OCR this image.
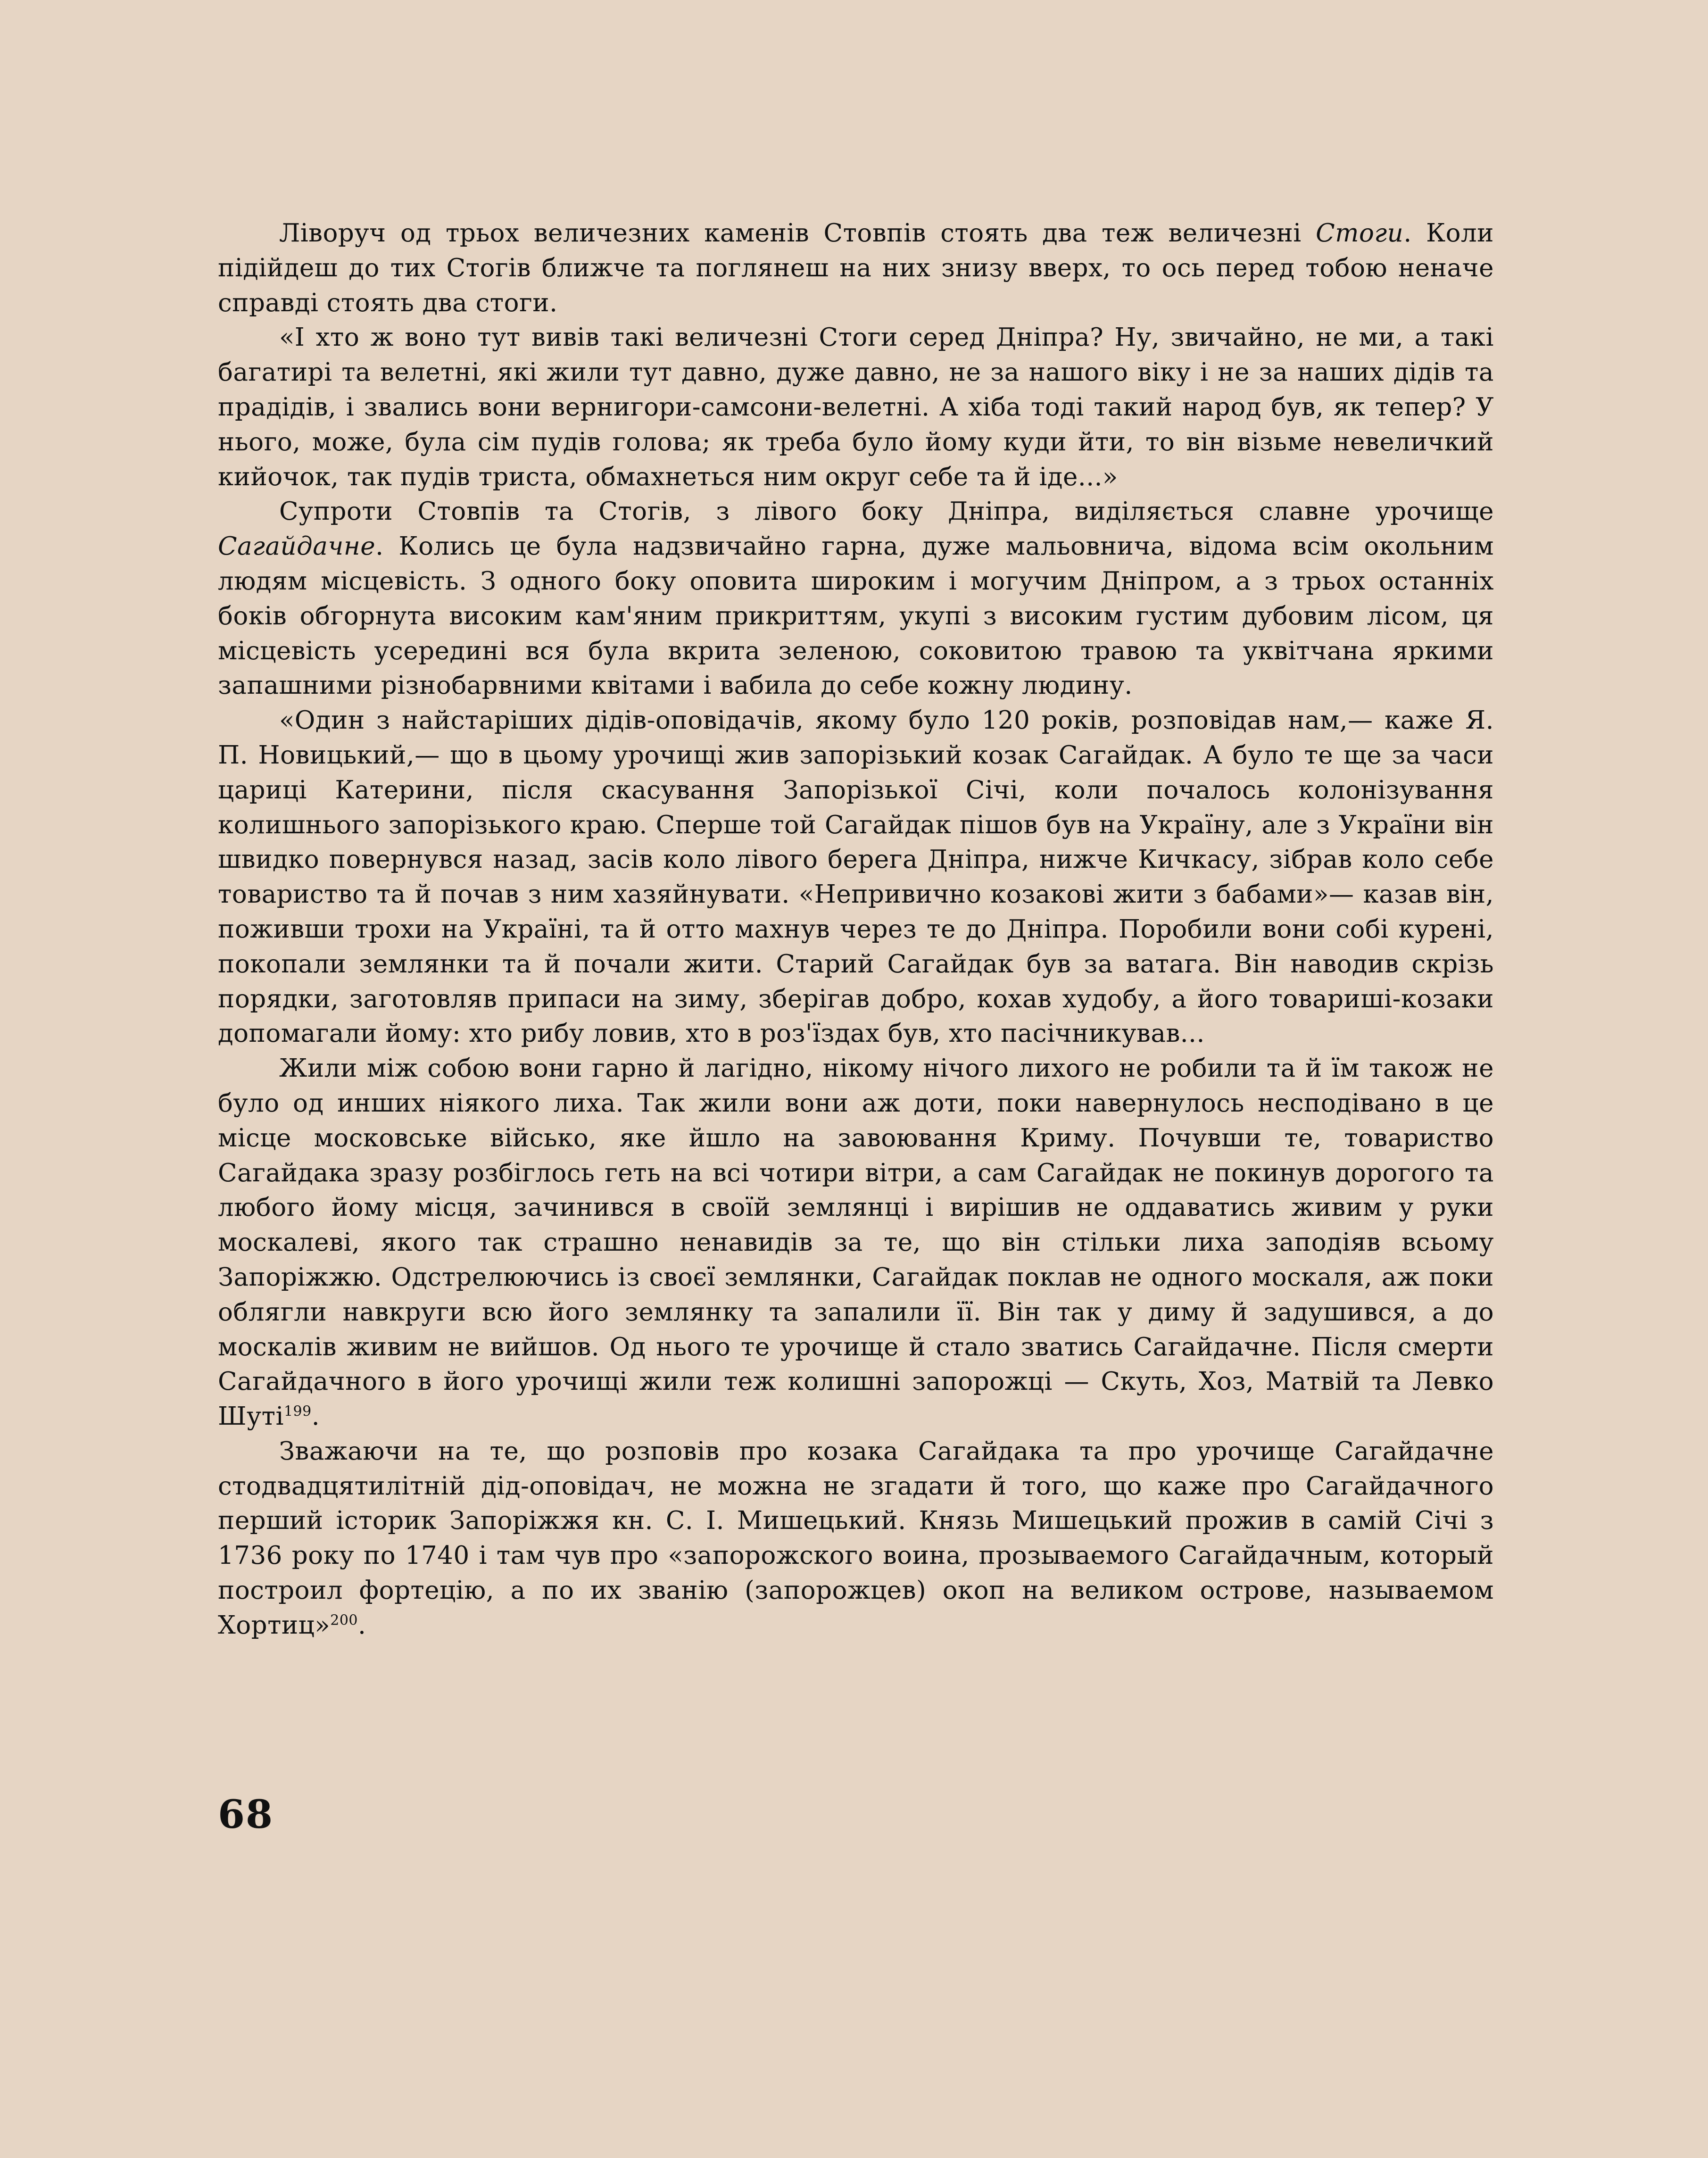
Ліворуч од трьох величезних каменів Стовпів стоять два теж величезні Стоги. Коли підійдеш до тих Стогів ближче та поглянеш на них знизу вверх, то ось перед тобою неначе справді стоять два стоги.

«І хто ж воно тут вивів такі величезні Стоги серед Дніпра? Ну, звичайно, не ми, а такі багатирі та велетні, які жили тут давно, дуже давно, не за нашого віку і не за наших дідів та прадідів, і звались вони вернигори-самсони-велетні. А хіба тоді такий народ був, як тепер? У нього, може, була сім пудів голова; як треба було йому куди йти, то він візьме невеличкий кийочок, так пудів триста, обмахнеться ним округ себе та й іде...»

Супроти Стовпів та Стогів, з лівого боку Дніпра, виділяється славне урочище Сагайдачне. Колись це була надзвичайно гарна, дуже мальовнича, відома всім окольним людям місцевість. З одного боку оповита широким і могучим Дніпром, а з трьох останніх боків обгорнута високим кам'яним прикриттям, укупі з високим густим дубовим лісом, ця місцевість усередині вся була вкрита зеленою, соковитою травою та уквітчана яркими запашними різнобарвними квітами і вабила до себе кожну людину.

«Один з найстаріших дідів-оповідачів, якому було 120 років, розповідав нам,— каже Я. П. Новицький,— що в цьому урочищі жив запорізький козак Сагайдак. А було те ще за часи цариці Катерини, після скасування Запорізької Січі, коли почалось колонізування колишнього запорізького краю. Спершe той Сагайдак пішов був на Україну, але з України він швидко повернувся назад, засів коло лівого берега Дніпра, нижче Кичкасу, зібрав коло себе товариство та й почав з ним хазяйнувати. «Непривично козакові жити з бабами»— казав він, поживши трохи на Україні, та й отто махнув через те до Дніпра. Поробили вони собі курені, покопали землянки та й почали жити. Старий Сагайдак був за ватага. Він наводив скрізь порядки, заготовляв припаси на зиму, зберігав добро, кохав худобу, а його товариші-козаки допомагали йому: хто рибу ловив, хто в роз'їздах був, хто пасічникував...

Жили між собою вони гарно й лагідно, нікому нічого лихого не робили та й їм також не було од инших ніякого лиха. Так жили вони аж доти, поки навернулось несподівано в це місце московське військо, яке йшло на завоювання Криму. Почувши те, товариство Сагайдака зразу розбіглось геть на всі чотири вітри, а сам Сагайдак не покинув дорогого та любого йому місця, зачинився в своїй землянці і вирішив не оддаватись живим у руки москалеві, якого так страшно ненавидів за те, що він стільки лиха заподіяв всьому Запоріжжю. Одстрелюючись із своєї землянки, Сагайдак поклав не одного москаля, аж поки облягли навкруги всю його землянку та запалили її. Він так у диму й задушився, а до москалів живим не вийшов. Од нього те урочище й стало зватись Сагайдачне. Після смерти Сагайдачного в його урочищі жили теж колишні запорожці — Скуть, Хоз, Матвій та Левко Шуті$^{199}$.

Зважаючи на те, що розповів про козака Сагайдака та про урочище Сагайдачне стодвадцятилітній дід-оповідач, не можна не згадати й того, що каже про Сагайдачного перший історик Запоріжжя кн. С. І. Мишецький. Князь Мишецький прожив в самій Січі з 1736 року по 1740 і там чув про «запорожского воина, прозываемого Сагайдачным, который построил фортецію, а по их званію (запорожцев) окоп на великом острове, называемом Хортиц»$^{200}$.

68
